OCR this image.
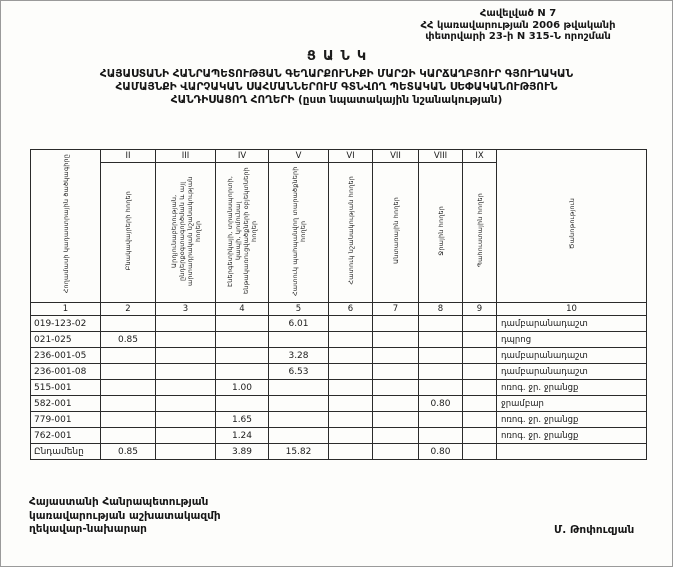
Հավելված N 7
ՀՀ կառավարության 2006 թվականի
փետրվարի 23-ի N 315-Ն որոշման
ՑԱՆԿ
ՀԱՅԱՍՏԱՆԻ ՀԱՆՐԱՊԵՏՈՒԹՅԱՆ ԳԵՂԱՐՔՈՒՆԻՔԻ ՄԱՐԶԻ ԿԱՐՃԱՂԲՅՈՒՐ ԳՅՈՒՂԱԿԱՆ
ՀԱՄԱՅՆՔԻ ՎԱՐՉԱԿԱՆ ՍԱՀՄԱՆՆԵՐՈՒՄ ԳՏՆՎՈՂ ՊԵՏԱԿԱՆ ՍԵՓԱԿԱՆՈՒԹՅՈՒՆ
ՀԱՆԴԻՍԱՑՈՂ ՀՈՂԵՐԻ (ըստ նպատակային նշանակության)
Հողամասի կադաստրային ծածկագիրը	II	III	IV	V	VI	VII	VIII	IX	Ծանոթություն
	Բնակավայրերի հողեր	Արդյունաբերության, ընդերքօգտագործման և այլ արտադրական նշանակության հողեր	Էներգետիկայի, տրանսպորտի, կապի, կոմունալ ենթակառուցվածքների օբյեկտների հողեր	Հատուկ պահպանվող տարածքների հողեր	Հատուկ նշանակության հողեր	Անտառային հողեր	Ջրային հողեր	Պահուստային հողեր	
1	2	3	4	5	6	7	8	9	10
019-123-02				6.01					դամբարանադաշտ
021-025	0.85								դպրոց
236-001-05				3.28					դամբարանադաշտ
236-001-08				6.53					դամբարանադաշտ
515-001			1.00						ոռոգ. ջր. ջրանցք
582-001							0.80		ջրամբար
779-001			1.65						ոռոգ. ջր. ջրանցք
762-001			1.24						ոռոգ. ջր. ջրանցք
Ընդամենը	0.85		3.89	15.82			0.80		
Հայաստանի Հանրապետության
կառավարության աշխատակազմի
ղեկավար-նախարար	Մ. Թոփուզյան
